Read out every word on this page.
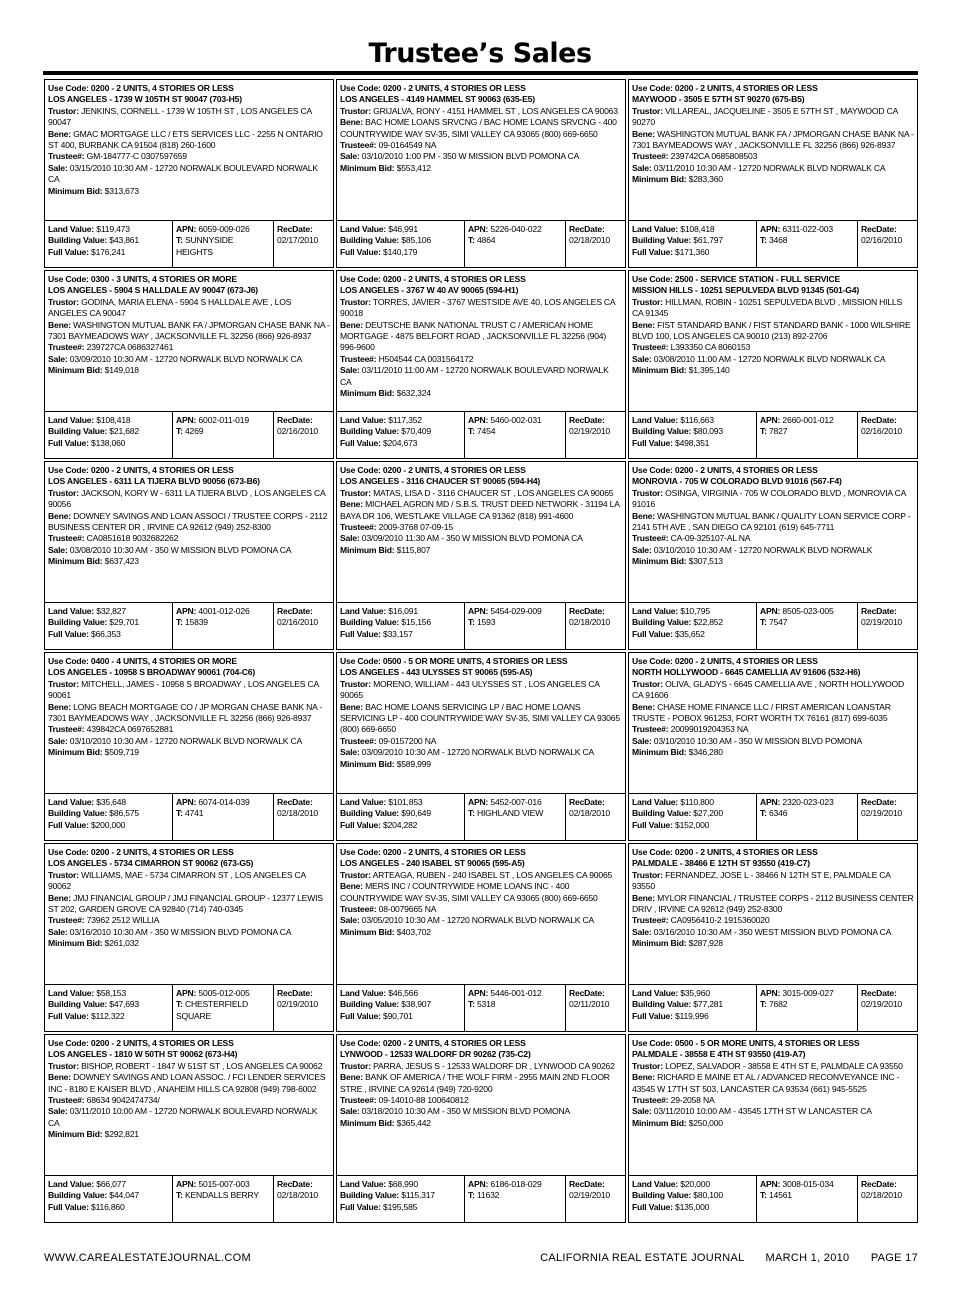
Trustee’s Sales
Use Code: 0200 - 2 UNITS, 4 STORIES OR LESS
LOS ANGELES - 1739 W 105TH ST 90047 (703-H5)
Trustor: JENKINS, CORNELL - 1739 W 105TH ST , LOS ANGELES CA 90047
Bene: GMAC MORTGAGE LLC / ETS SERVICES LLC - 2255 N ONTARIO ST 400, BURBANK CA 91504 (818) 260-1600
Trustee#: GM-184777-C 0307597659
Sale: 03/15/2010 10:30 AM - 12720 NORWALK BOULEVARD NORWALK CA
Minimum Bid: $313,673
Land Value: $119,473
Building Value: $43,861
Full Value: $176,241
APN: 6059-009-026
T: SUNNYSIDE HEIGHTS
RecDate:
02/17/2010
Use Code: 0200 - 2 UNITS, 4 STORIES OR LESS
LOS ANGELES - 4149 HAMMEL ST 90063 (635-E5)
Trustor: GRIJALVA, RONY - 4151 HAMMEL ST , LOS ANGELES CA 90063
Bene: BAC HOME LOANS SRVCNG / BAC HOME LOANS SRVCNG - 400 COUNTRYWIDE WAY SV-35, SIMI VALLEY CA 93065 (800) 669-6650
Trustee#: 09-0164549 NA
Sale: 03/10/2010 1:00 PM - 350 W MISSION BLVD POMONA CA
Minimum Bid: $553,412
Land Value: $46,991
Building Value: $85,106
Full Value: $140,179
APN: 5226-040-022
T: 4864
RecDate:
02/18/2010
Use Code: 0200 - 2 UNITS, 4 STORIES OR LESS
MAYWOOD - 3505 E 57TH ST 90270 (675-B5)
Trustor: VILLAREAL, JACQUELINE - 3505 E 57TH ST , MAYWOOD CA 90270
Bene: WASHINGTON MUTUAL BANK FA / JPMORGAN CHASE BANK NA - 7301 BAYMEADOWS WAY , JACKSONVILLE FL 32256 (866) 926-8937
Trustee#: 239742CA 0685808503
Sale: 03/11/2010 10:30 AM - 12720 NORWALK BLVD NORWALK CA
Minimum Bid: $283,360
Land Value: $108,418
Building Value: $61,797
Full Value: $171,360
APN: 6311-022-003
T: 3468
RecDate:
02/16/2010
Use Code: 0300 - 3 UNITS, 4 STORIES OR MORE
LOS ANGELES - 5904 S HALLDALE AV 90047 (673-J6)
Trustor: GODINA, MARIA ELENA - 5904 S HALLDALE AVE , LOS ANGELES CA 90047
Bene: WASHINGTON MUTUAL BANK FA / JPMORGAN CHASE BANK NA - 7301 BAYMEADOWS WAY , JACKSONVILLE FL 32256 (866) 926-8937
Trustee#: 239727CA 0686327461
Sale: 03/09/2010 10:30 AM - 12720 NORWALK BLVD NORWALK CA
Minimum Bid: $149,018
Land Value: $108,418
Building Value: $21,682
Full Value: $138,060
APN: 6002-011-019
T: 4269
RecDate:
02/16/2010
Use Code: 0200 - 2 UNITS, 4 STORIES OR LESS
LOS ANGELES - 3767 W 40 AV 90065 (594-H1)
Trustor: TORRES, JAVIER - 3767 WESTSIDE AVE 40, LOS ANGELES CA 90018
Bene: DEUTSCHE BANK NATIONAL TRUST C / AMERICAN HOME MORTGAGE - 4875 BELFORT ROAD , JACKSONVILLE FL 32256 (904) 996-9600
Trustee#: H504544 CA 0031564172
Sale: 03/11/2010 11:00 AM - 12720 NORWALK BOULEVARD NORWALK CA
Minimum Bid: $632,324
Land Value: $117,352
Building Value: $70,409
Full Value: $204,673
APN: 5460-002-031
T: 7454
RecDate:
02/19/2010
Use Code: 2500 - SERVICE STATION - FULL SERVICE
MISSION HILLS - 10251 SEPULVEDA BLVD 91345 (501-G4)
Trustor: HILLMAN, ROBIN - 10251 SEPULVEDA BLVD , MISSION HILLS CA 91345
Bene: FIST STANDARD BANK / FIST STANDARD BANK - 1000 WILSHIRE BLVD 100, LOS ANGELES CA 90010 (213) 892-2706
Trustee#: L393350 CA 8060153
Sale: 03/08/2010 11:00 AM - 12720 NORWALK BLVD NORWALK CA
Minimum Bid: $1,395,140
Land Value: $116,663
Building Value: $80,093
Full Value: $498,351
APN: 2660-001-012
T: 7827
RecDate:
02/16/2010
Use Code: 0200 - 2 UNITS, 4 STORIES OR LESS
LOS ANGELES - 6311 LA TIJERA BLVD 90056 (673-B6)
Trustor: JACKSON, KORY W - 6311 LA TIJERA BLVD , LOS ANGELES CA 90056
Bene: DOWNEY SAVINGS AND LOAN ASSOCI / TRUSTEE CORPS - 2112 BUSINESS CENTER DR , IRVINE CA 92612 (949) 252-8300
Trustee#: CA0851618 9032682262
Sale: 03/08/2010 10:30 AM - 350 W MISSION BLVD POMONA CA
Minimum Bid: $637,423
Land Value: $32,827
Building Value: $29,701
Full Value: $66,353
APN: 4001-012-026
T: 15839
RecDate:
02/16/2010
Use Code: 0200 - 2 UNITS, 4 STORIES OR LESS
LOS ANGELES - 3116 CHAUCER ST 90065 (594-H4)
Trustor: MATAS, LISA D - 3116 CHAUCER ST , LOS ANGELES CA 90065
Bene: MICHAEL AGRON MD / S.B.S. TRUST DEED NETWORK - 31194 LA BAYA DR 106, WESTLAKE VILLAGE CA 91362 (818) 991-4600
Trustee#: 2009-3768 07-09-15
Sale: 03/09/2010 11:30 AM - 350 W MISSION BLVD POMONA CA
Minimum Bid: $115,807
Land Value: $16,091
Building Value: $15,156
Full Value: $33,157
APN: 5454-029-009
T: 1593
RecDate:
02/18/2010
Use Code: 0200 - 2 UNITS, 4 STORIES OR LESS
MONROVIA - 705 W COLORADO BLVD 91016 (567-F4)
Trustor: OSINGA, VIRGINIA - 705 W COLORADO BLVD , MONROVIA CA 91016
Bene: WASHINGTON MUTUAL BANK / QUALITY LOAN SERVICE CORP - 2141 5TH AVE , SAN DIEGO CA 92101 (619) 645-7711
Trustee#: CA-09-325107-AL NA
Sale: 03/10/2010 10:30 AM - 12720 NORWALK BLVD NORWALK
Minimum Bid: $307,513
Land Value: $10,795
Building Value: $22,852
Full Value: $35,652
APN: 8505-023-005
T: 7547
RecDate:
02/19/2010
Use Code: 0400 - 4 UNITS, 4 STORIES OR MORE
LOS ANGELES - 10958 S BROADWAY 90061 (704-C6)
Trustor: MITCHELL, JAMES - 10958 S BROADWAY , LOS ANGELES CA 90061
Bene: LONG BEACH MORTGAGE CO / JP MORGAN CHASE BANK NA - 7301 BAYMEADOWS WAY , JACKSONVILLE FL 32256 (866) 926-8937
Trustee#: 439842CA 0697652881
Sale: 03/10/2010 10:30 AM - 12720 NORWALK BLVD NORWALK CA
Minimum Bid: $509,719
Land Value: $35,648
Building Value: $86,575
Full Value: $200,000
APN: 6074-014-039
T: 4741
RecDate:
02/18/2010
Use Code: 0500 - 5 OR MORE UNITS, 4 STORIES OR LESS
LOS ANGELES - 443 ULYSSES ST 90065 (595-A5)
Trustor: MORENO, WILLIAM - 443 ULYSSES ST , LOS ANGELES CA 90065
Bene: BAC HOME LOANS SERVICING LP / BAC HOME LOANS SERVICING LP - 400 COUNTRYWIDE WAY SV-35, SIMI VALLEY CA 93065 (800) 669-6650
Trustee#: 09-0157200 NA
Sale: 03/09/2010 10:30 AM - 12720 NORWALK BLVD NORWALK CA
Minimum Bid: $589,999
Land Value: $101,853
Building Value: $90,649
Full Value: $204,282
APN: 5452-007-016
T: HIGHLAND VIEW
RecDate:
02/18/2010
Use Code: 0200 - 2 UNITS, 4 STORIES OR LESS
NORTH HOLLYWOOD - 6645 CAMELLIA AV 91606 (532-H6)
Trustor: OLIVA, GLADYS - 6645 CAMELLIA AVE , NORTH HOLLYWOOD CA 91606
Bene: CHASE HOME FINANCE LLC / FIRST AMERICAN LOANSTAR TRUSTE - POBOX 961253, FORT WORTH TX 76161 (817) 699-6035
Trustee#: 20099019204353 NA
Sale: 03/10/2010 10:30 AM - 350 W MISSION BLVD POMONA
Minimum Bid: $346,280
Land Value: $110,800
Building Value: $27,200
Full Value: $152,000
APN: 2320-023-023
T: 6346
RecDate:
02/19/2010
Use Code: 0200 - 2 UNITS, 4 STORIES OR LESS
LOS ANGELES - 5734 CIMARRON ST 90062 (673-G5)
Trustor: WILLIAMS, MAE - 5734 CIMARRON ST , LOS ANGELES CA 90062
Bene: JMJ FINANCIAL GROUP / JMJ FINANCIAL GROUP - 12377 LEWIS ST 202, GARDEN GROVE CA 92840 (714) 740-0345
Trustee#: 73962 2512 WILLIA
Sale: 03/16/2010 10:30 AM - 350 W MISSION BLVD POMONA CA
Minimum Bid: $261,032
Land Value: $58,153
Building Value: $47,693
Full Value: $112,322
APN: 5005-012-005
T: CHESTERFIELD SQUARE
RecDate:
02/19/2010
Use Code: 0200 - 2 UNITS, 4 STORIES OR LESS
LOS ANGELES - 240 ISABEL ST 90065 (595-A5)
Trustor: ARTEAGA, RUBEN - 240 ISABEL ST , LOS ANGELES CA 90065
Bene: MERS INC / COUNTRYWIDE HOME LOANS INC - 400 COUNTRYWIDE WAY SV-35, SIMI VALLEY CA 93065 (800) 669-6650
Trustee#: 08-0079665 NA
Sale: 03/05/2010 10:30 AM - 12720 NORWALK BLVD NORWALK CA
Minimum Bid: $403,702
Land Value: $46,566
Building Value: $38,907
Full Value: $90,701
APN: 5446-001-012
T: 5318
RecDate:
02/11/2010
Use Code: 0200 - 2 UNITS, 4 STORIES OR LESS
PALMDALE - 38466 E 12TH ST 93550 (419-C7)
Trustor: FERNANDEZ, JOSE L - 38466 N 12TH ST E, PALMDALE CA 93550
Bene: MYLOR FINANCIAL / TRUSTEE CORPS - 2112 BUSINESS CENTER DRIV , IRVINE CA 92612 (949) 252-8300
Trustee#: CA0956410-2 1915360020
Sale: 03/16/2010 10:30 AM - 350 WEST MISSION BLVD POMONA CA
Minimum Bid: $287,928
Land Value: $35,960
Building Value: $77,281
Full Value: $119,996
APN: 3015-009-027
T: 7682
RecDate:
02/19/2010
Use Code: 0200 - 2 UNITS, 4 STORIES OR LESS
LOS ANGELES - 1810 W 50TH ST 90062 (673-H4)
Trustor: BISHOP, ROBERT - 1847 W 51ST ST , LOS ANGELES CA 90062
Bene: DOWNEY SAVINGS AND LOAN ASSOC. / FCI LENDER SERVICES INC - 8180 E KAISER BLVD , ANAHEIM HILLS CA 92808 (949) 798-6002
Trustee#: 68634 9042474734/
Sale: 03/11/2010 10:00 AM - 12720 NORWALK BOULEVARD NORWALK CA
Minimum Bid: $292,821
Land Value: $66,077
Building Value: $44,047
Full Value: $116,860
APN: 5015-007-003
T: KENDALLS BERRY
RecDate:
02/18/2010
Use Code: 0200 - 2 UNITS, 4 STORIES OR LESS
LYNWOOD - 12533 WALDORF DR 90262 (735-C2)
Trustor: PARRA, JESUS S - 12533 WALDORF DR , LYNWOOD CA 90262
Bene: BANK OF AMERICA / THE WOLF FIRM - 2955 MAIN 2ND FLOOR STRE , IRVINE CA 92614 (949) 720-9200
Trustee#: 09-14010-88 100640812
Sale: 03/18/2010 10:30 AM - 350 W MISSION BLVD POMONA
Minimum Bid: $365,442
Land Value: $68,990
Building Value: $115,317
Full Value: $195,585
APN: 6186-018-029
T: 11632
RecDate:
02/19/2010
Use Code: 0500 - 5 OR MORE UNITS, 4 STORIES OR LESS
PALMDALE - 38558 E 4TH ST 93550 (419-A7)
Trustor: LOPEZ, SALVADOR - 38558 E 4TH ST E, PALMDALE CA 93550
Bene: RICHARD E MAINE ET AL / ADVANCED RECONVEYANCE INC - 43545 W 17TH ST 503, LANCASTER CA 93534 (661) 945-5525
Trustee#: 29-2058 NA
Sale: 03/11/2010 10:00 AM - 43545 17TH ST W LANCASTER CA
Minimum Bid: $250,000
Land Value: $20,000
Building Value: $80,100
Full Value: $135,000
APN: 3008-015-034
T: 14561
RecDate:
02/18/2010
WWW.CAREALESTATEJOURNAL.COM	CALIFORNIA REAL ESTATE JOURNAL MARCH 1, 2010 PAGE 17
